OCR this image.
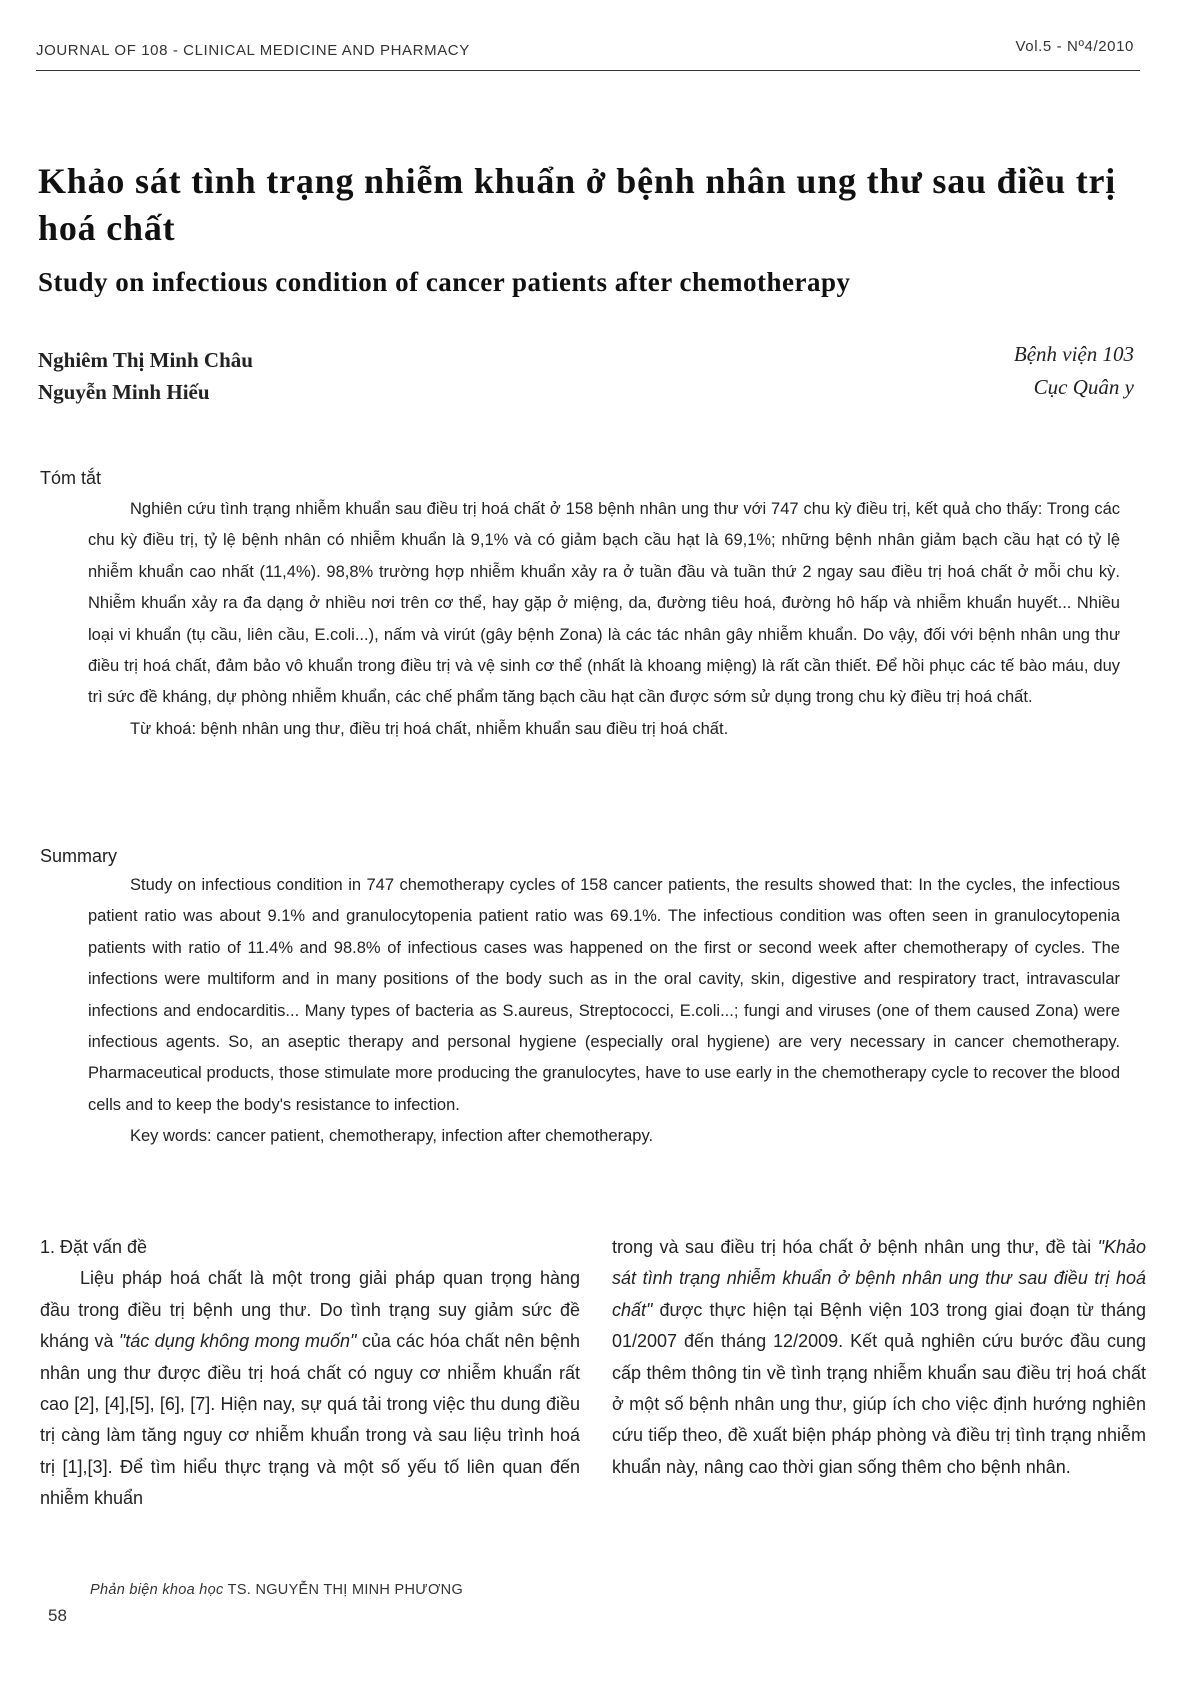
JOURNAL OF 108 - CLINICAL MEDICINE AND PHARMACY	Vol.5 - Nº4/2010
Khảo sát tình trạng nhiễm khuẩn ở bệnh nhân ung thư sau điều trị hoá chất
Study on infectious condition of cancer patients after chemotherapy
Nghiêm Thị Minh Châu
Nguyễn Minh Hiếu
Bệnh viện 103
Cục Quân y
Tóm tắt

Nghiên cứu tình trạng nhiễm khuẩn sau điều trị hoá chất ở 158 bệnh nhân ung thư với 747 chu kỳ điều trị, kết quả cho thấy: Trong các chu kỳ điều trị, tỷ lệ bệnh nhân có nhiễm khuẩn là 9,1% và có giảm bạch cầu hạt là 69,1%; những bệnh nhân giảm bạch cầu hạt có tỷ lệ nhiễm khuẩn cao nhất (11,4%). 98,8% trường hợp nhiễm khuẩn xảy ra ở tuần đầu và tuần thứ 2 ngay sau điều trị hoá chất ở mỗi chu kỳ. Nhiễm khuẩn xảy ra đa dạng ở nhiều nơi trên cơ thể, hay gặp ở miệng, da, đường tiêu hoá, đường hô hấp và nhiễm khuẩn huyết... Nhiều loại vi khuẩn (tụ cầu, liên cầu, E.coli...), nấm và virút (gây bệnh Zona) là các tác nhân gây nhiễm khuẩn. Do vậy, đối với bệnh nhân ung thư điều trị hoá chất, đảm bảo vô khuẩn trong điều trị và vệ sinh cơ thể (nhất là khoang miệng) là rất cần thiết. Để hồi phục các tế bào máu, duy trì sức đề kháng, dự phòng nhiễm khuẩn, các chế phẩm tăng bạch cầu hạt cần được sớm sử dụng trong chu kỳ điều trị hoá chất.

Từ khoá: bệnh nhân ung thư, điều trị hoá chất, nhiễm khuẩn sau điều trị hoá chất.

Summary

Study on infectious condition in 747 chemotherapy cycles of 158 cancer patients, the results showed that: In the cycles, the infectious patient ratio was about 9.1% and granulocytopenia patient ratio was 69.1%. The infectious condition was often seen in granulocytopenia patients with ratio of 11.4% and 98.8% of infectious cases was happened on the first or second week after chemotherapy of cycles. The infections were multiform and in many positions of the body such as in the oral cavity, skin, digestive and respiratory tract, intravascular infections and endocarditis... Many types of bacteria as S.aureus, Streptococci, E.coli...; fungi and viruses (one of them caused Zona) were infectious agents. So, an aseptic therapy and personal hygiene (especially oral hygiene) are very necessary in cancer chemotherapy. Pharmaceutical products, those stimulate more producing the granulocytes, have to use early in the chemotherapy cycle to recover the blood cells and to keep the body's resistance to infection.

Key words: cancer patient, chemotherapy, infection after chemotherapy.

1. Đặt vấn đề

Liệu pháp hoá chất là một trong giải pháp quan trọng hàng đầu trong điều trị bệnh ung thư. Do tình trạng suy giảm sức đề kháng và "tác dụng không mong muốn" của các hóa chất nên bệnh nhân ung thư được điều trị hoá chất có nguy cơ nhiễm khuẩn rất cao [2], [4],[5], [6], [7]. Hiện nay, sự quá tải trong việc thu dung điều trị càng làm tăng nguy cơ nhiễm khuẩn trong và sau liệu trình hoá trị [1],[3]. Để tìm hiểu thực trạng và một số yếu tố liên quan đến nhiễm khuẩn

trong và sau điều trị hóa chất ở bệnh nhân ung thư, đề tài "Khảo sát tình trạng nhiễm khuẩn ở bệnh nhân ung thư sau điều trị hoá chất" được thực hiện tại Bệnh viện 103 trong giai đoạn từ tháng 01/2007 đến tháng 12/2009. Kết quả nghiên cứu bước đầu cung cấp thêm thông tin về tình trạng nhiễm khuẩn sau điều trị hoá chất ở một số bệnh nhân ung thư, giúp ích cho việc định hướng nghiên cứu tiếp theo, đề xuất biện pháp phòng và điều trị tình trạng nhiễm khuẩn này, nâng cao thời gian sống thêm cho bệnh nhân.

Phản biện khoa học TS. NGUYỄN THỊ MINH PHƯƠNG
58
